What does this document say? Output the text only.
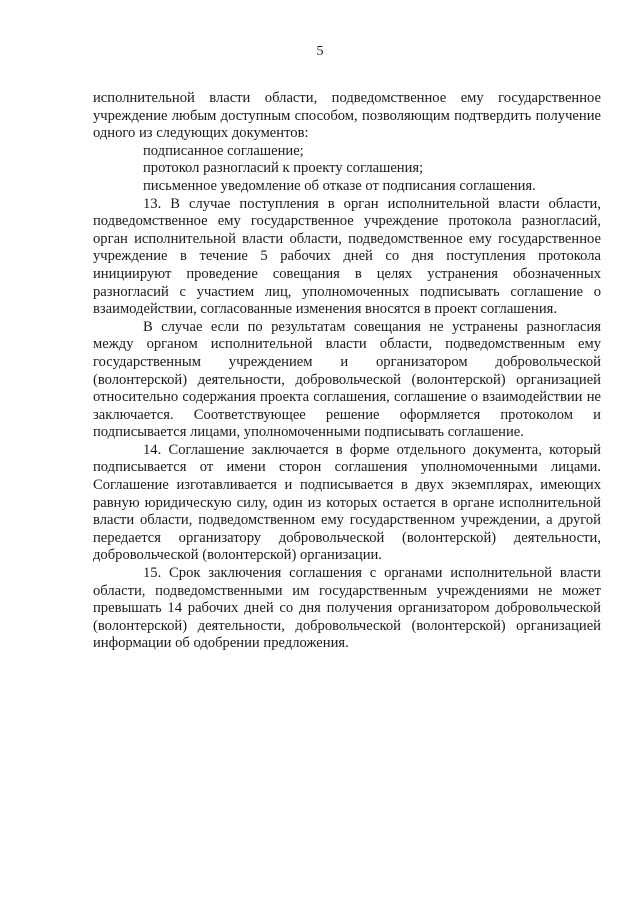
5

исполнительной власти области, подведомственное ему государственное учреждение любым доступным способом, позволяющим подтвердить получение одного из следующих документов:

подписанное соглашение;

протокол разногласий к проекту соглашения;

письменное уведомление об отказе от подписания соглашения.

13. В случае поступления в орган исполнительной власти области, подведомственное ему государственное учреждение протокола разногласий, орган исполнительной власти области, подведомственное ему государственное учреждение в течение 5 рабочих дней со дня поступления протокола инициируют проведение совещания в целях устранения обозначенных разногласий с участием лиц, уполномоченных подписывать соглашение о взаимодействии, согласованные изменения вносятся в проект соглашения.

В случае если по результатам совещания не устранены разногласия между органом исполнительной власти области, подведомственным ему государственным учреждением и организатором добровольческой (волонтерской) деятельности, добровольческой (волонтерской) организацией относительно содержания проекта соглашения, соглашение о взаимодействии не заключается. Соответствующее решение оформляется протоколом и подписывается лицами, уполномоченными подписывать соглашение.

14. Соглашение заключается в форме отдельного документа, который подписывается от имени сторон соглашения уполномоченными лицами. Соглашение изготавливается и подписывается в двух экземплярах, имеющих равную юридическую силу, один из которых остается в органе исполнительной власти области, подведомственном ему государственном учреждении, а другой передается организатору добровольческой (волонтерской) деятельности, добровольческой (волонтерской) организации.

15. Срок заключения соглашения с органами исполнительной власти области, подведомственными им государственным учреждениями не может превышать 14 рабочих дней со дня получения организатором добровольческой (волонтерской) деятельности, добровольческой (волонтерской) организацией информации об одобрении предложения.
